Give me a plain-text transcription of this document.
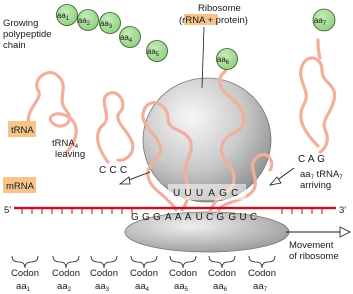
$aa_1$ $aa_2$ $aa_3$
$aa_4$
$aa_5$	$aa_6$
$aa_7$
Growing
polypeptide
chain
Ribosome
(rRNA + protein)
tRNA
tRNA$_4$
leaving
C C C
C A G
$aa_7$ tRNA$_7$
arriving
U U U A G C
mRNA
5'	3'
G G G A A A U C G G U C
Movement
of ribosome
Codon Codon Codon Codon Codon Codon Codon
$aa_1$	$aa_2$	$aa_3$	$aa_4$	$aa_5$	$aa_6$	$aa_7$
